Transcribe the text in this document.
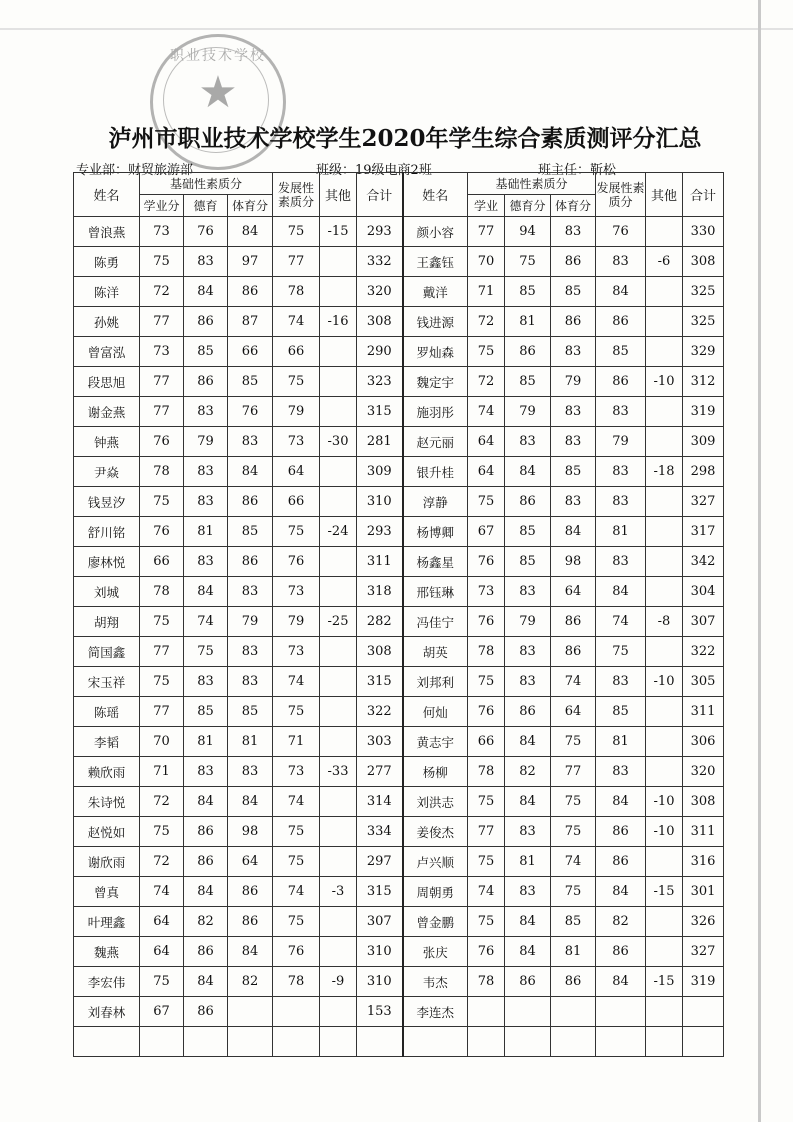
职业技术学校
★
泸州市职业技术学校学生2020年学生综合素质测评分汇总
专业部：财贸旅游部	班级：19级电商2班	班主任：靳松
姓名	基础性素质分			发展性素质分	其他	合计	姓名	基础性素质分			发展性素质分	其他	合计
	学业分	德育	体育分					学业	德育分	体育分			
曾浪燕	73	76	84	75	-15	293	颜小容	77	94	83	76		330
陈勇	75	83	97	77		332	王鑫钰	70	75	86	83	-6	308
陈洋	72	84	86	78		320	戴洋	71	85	85	84		325
孙姚	77	86	87	74	-16	308	钱进源	72	81	86	86		325
曾富泓	73	85	66	66		290	罗灿森	75	86	83	85		329
段思旭	77	86	85	75		323	魏定宇	72	85	79	86	-10	312
谢金燕	77	83	76	79		315	施羽彤	74	79	83	83		319
钟燕	76	79	83	73	-30	281	赵元丽	64	83	83	79		309
尹焱	78	83	84	64		309	银升桂	64	84	85	83	-18	298
钱昱汐	75	83	86	66		310	淳静	75	86	83	83		327
舒川铭	76	81	85	75	-24	293	杨博卿	67	85	84	81		317
廖林悦	66	83	86	76		311	杨鑫星	76	85	98	83		342
刘城	78	84	83	73		318	邢钰琳	73	83	64	84		304
胡翔	75	74	79	79	-25	282	冯佳宁	76	79	86	74	-8	307
简国鑫	77	75	83	73		308	胡英	78	83	86	75		322
宋玉祥	75	83	83	74		315	刘邦利	75	83	74	83	-10	305
陈瑶	77	85	85	75		322	何灿	76	86	64	85		311
李韬	70	81	81	71		303	黄志宇	66	84	75	81		306
赖欣雨	71	83	83	73	-33	277	杨柳	78	82	77	83		320
朱诗悦	72	84	84	74		314	刘洪志	75	84	75	84	-10	308
赵悦如	75	86	98	75		334	姜俊杰	77	83	75	86	-10	311
谢欣雨	72	86	64	75		297	卢兴顺	75	81	74	86		316
曾真	74	84	86	74	-3	315	周朝勇	74	83	75	84	-15	301
叶理鑫	64	82	86	75		307	曾金鹏	75	84	85	82		326
魏燕	64	86	84	76		310	张庆	76	84	81	86		327
李宏伟	75	84	82	78	-9	310	韦杰	78	86	86	84	-15	319
刘春林	67	86				153	李连杰						
